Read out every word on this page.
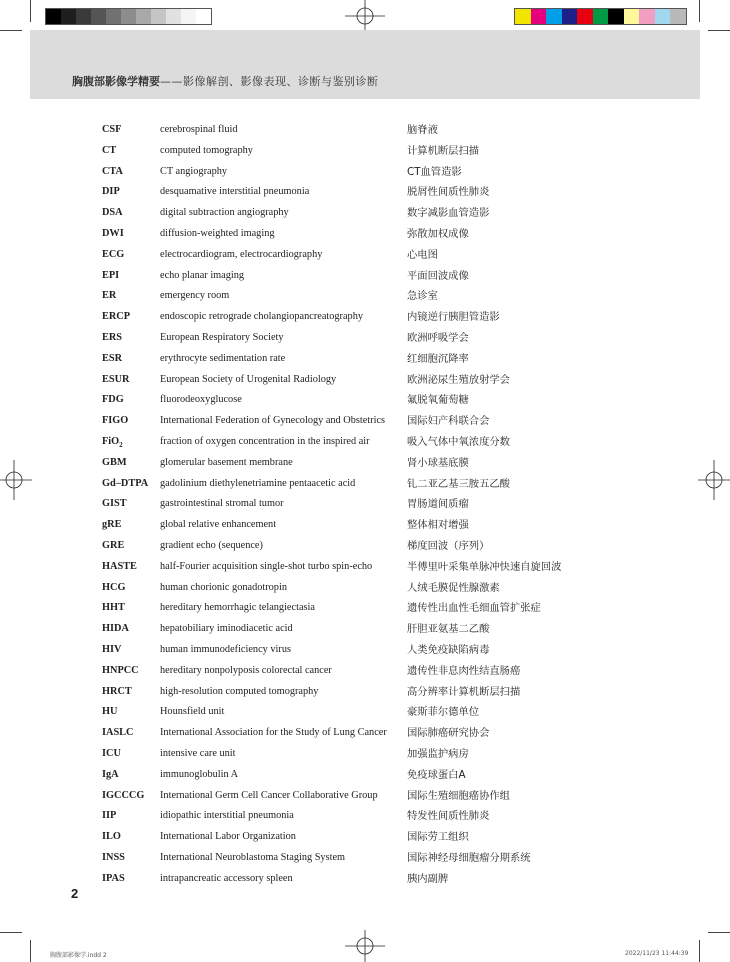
胸腹部影像学精要——影像解剖、影像表现、诊断与鉴别诊断
CSF	cerebrospinal fluid	脑脊液
CT	computed tomography	计算机断层扫描
CTA	CT angiography	CT血管造影
DIP	desquamative interstitial pneumonia	脱屑性间质性肺炎
DSA	digital subtraction angiography	数字减影血管造影
DWI	diffusion-weighted imaging	弥散加权成像
ECG	electrocardiogram, electrocardiography	心电图
EPI	echo planar imaging	平面回波成像
ER	emergency room	急诊室
ERCP	endoscopic retrograde cholangiopancreatography	内镜逆行胰胆管造影
ERS	European Respiratory Society	欧洲呼吸学会
ESR	erythrocyte sedimentation rate	红细胞沉降率
ESUR	European Society of Urogenital Radiology	欧洲泌尿生殖放射学会
FDG	fluorodeoxyglucose	氟脱氧葡萄糖
FIGO	International Federation of Gynecology and Obstetrics 国际妇产科联合会
FiO$_2$	fraction of oxygen concentration in the inspired air	吸入气体中氧浓度分数
GBM	glomerular basement membrane	肾小球基底膜
Gd–DTPA gadolinium diethylenetriamine pentaacetic acid	钆二亚乙基三胺五乙酸
GIST	gastrointestinal stromal tumor	胃肠道间质瘤
gRE	global relative enhancement	整体相对增强
GRE	gradient echo (sequence)	梯度回波（序列）
HASTE half-Fourier acquisition single-shot turbo spin-echo	半傅里叶采集单脉冲快速自旋回波
HCG	human chorionic gonadotropin	人绒毛膜促性腺激素
HHT	hereditary hemorrhagic telangiectasia	遗传性出血性毛细血管扩张症
HIDA	hepatobiliary iminodiacetic acid	肝胆亚氨基二乙酸
HIV	human immunodeficiency virus	人类免疫缺陷病毒
HNPCC hereditary nonpolyposis colorectal cancer	遗传性非息肉性结直肠癌
HRCT	high-resolution computed tomography	高分辨率计算机断层扫描
HU	Hounsfield unit	豪斯菲尔德单位
IASLC	International Association for the Study of Lung Cancer 国际肺癌研究协会
ICU	intensive care unit	加强监护病房
IgA	immunoglobulin A	免疫球蛋白A
IGCCCG International Germ Cell Cancer Collaborative Group	国际生殖细胞癌协作组
IIP	idiopathic interstitial pneumonia	特发性间质性肺炎
ILO	International Labor Organization	国际劳工组织
INSS	International Neuroblastoma Staging System	国际神经母细胞瘤分期系统
IPAS	intrapancreatic accessory spleen	胰内副脾
2
胸腹部影像学.indd 2	2022/11/23 11:44:39
